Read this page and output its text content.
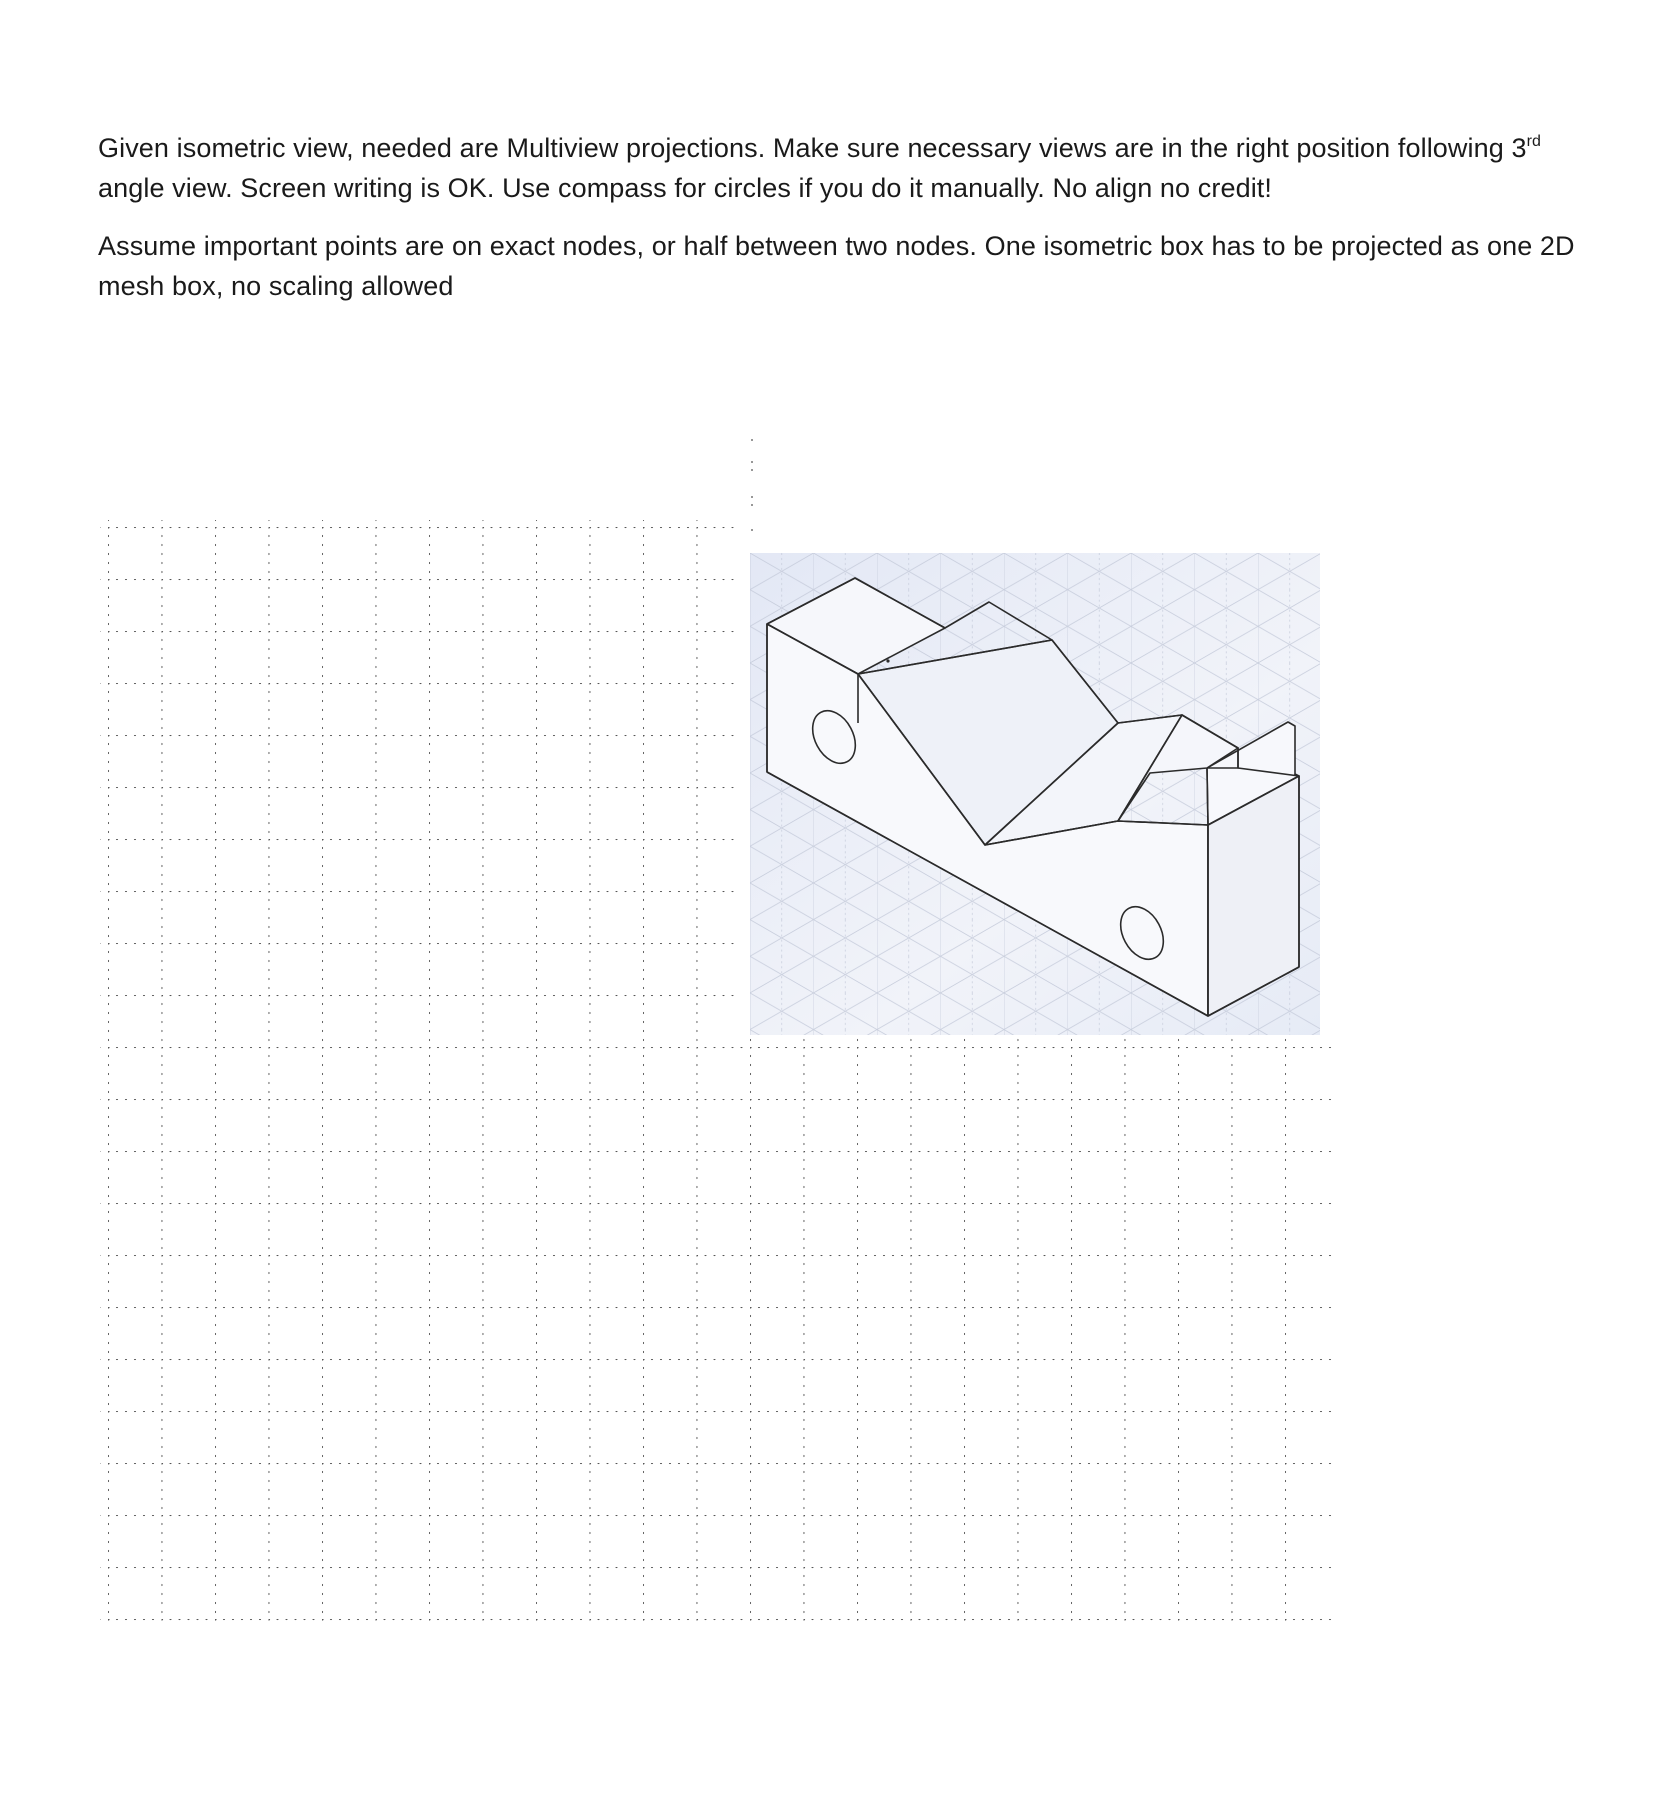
Given isometric view, needed are Multiview projections. Make sure necessary views are in the right position following 3rd angle view. Screen writing is OK. Use compass for circles if you do it manually. No align no credit!

Assume important points are on exact nodes, or half between two nodes. One isometric box has to be projected as one 2D mesh box, no scaling allowed
